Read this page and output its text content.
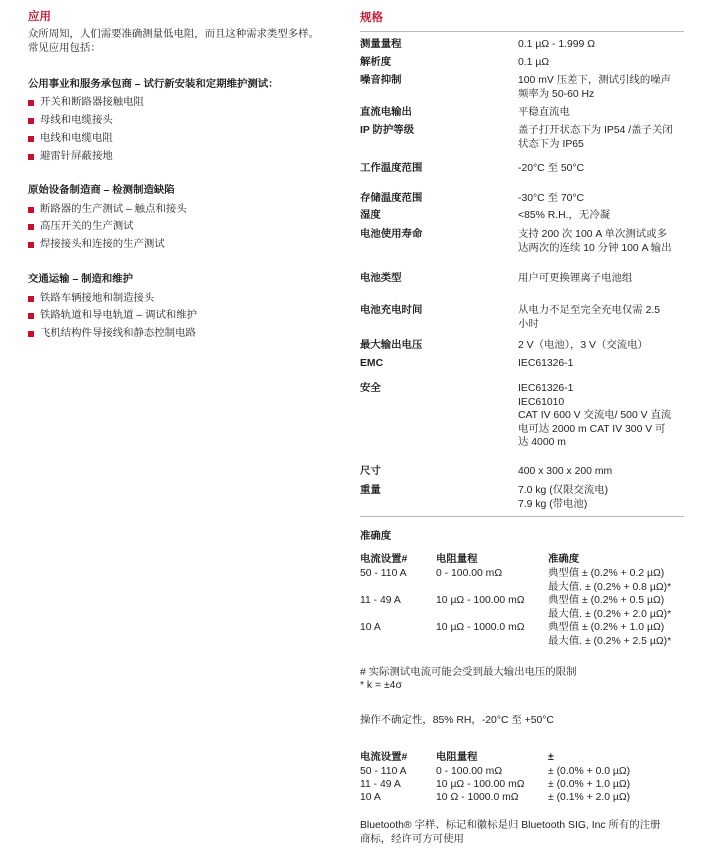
应用
众所周知，人们需要准确测量低电阻，而且这种需求类型多样。
常见应用包括：
公用事业和服务承包商 – 试行新安装和定期维护测试：
开关和断路器接触电阻
母线和电缆接头
电线和电缆电阻
避雷针屏蔽接地
原始设备制造商 – 检测制造缺陷
断路器的生产测试 – 触点和接头
高压开关的生产测试
焊接接头和连接的生产测试
交通运输 – 制造和维护
铁路车辆接地和制造接头
铁路轨道和导电轨道 – 调试和维护
飞机结构件导接线和静态控制电路
规格
测量量程	0.1 µΩ - 1.999 Ω
解析度	0.1 µΩ
噪音抑制	100 mV 压差下，测试引线的噪声
频率为 50-60 Hz
直流电输出	平稳直流电
IP 防护等级	盖子打开状态下为 IP54 /盖子关闭
状态下为 IP65
工作温度范围	-20°C 至 50°C
存储温度范围	-30°C 至 70°C
湿度	<85% R.H.，无冷凝
电池使用寿命	支持 200 次 100 A 单次测试或多
达两次的连续 10 分钟 100 A 输出
电池类型	用户可更换锂离子电池组
电池充电时间	从电力不足至完全充电仅需 2.5
小时
最大输出电压	2 V（电池），3 V（交流电）
EMC	IEC61326-1
安全	IEC61326-1
IEC61010
CAT IV 600 V 交流电/ 500 V 直流
电可达 2000 m CAT IV 300 V 可
达 4000 m
尺寸	400 x 300 x 200 mm
重量	7.0 kg (仅限交流电)
7.9 kg (带电池)
准确度
电流设置#	电阻量程	准确度
50 - 110 A	0 - 100.00 mΩ	典型值 ± (0.2% + 0.2 µΩ)
最大值. ± (0.2% + 0.8 µΩ)*
11 - 49 A	10 µΩ - 100.00 mΩ 典型值 ± (0.2% + 0.5 µΩ)
最大值. ± (0.2% + 2.0 µΩ)*
10 A	10 µΩ - 1000.0 mΩ 典型值 ± (0.2% + 1.0 µΩ)
最大值. ± (0.2% + 2.5 µΩ)*
# 实际测试电流可能会受到最大输出电压的限制
* k = ±4σ
操作不确定性，85% RH，-20°C 至 +50°C
电流设置#	电阻量程	±
50 - 110 A	0 - 100.00 mΩ	± (0.0% + 0.0 µΩ)
11 - 49 A	10 µΩ - 100.00 mΩ ± (0.0% + 1.0 µΩ)
10 A	10 Ω - 1000.0 mΩ	± (0.1% + 2.0 µΩ)
Bluetooth® 字样、标记和徽标是归 Bluetooth SIG, Inc 所有的注册
商标，经许可方可使用
